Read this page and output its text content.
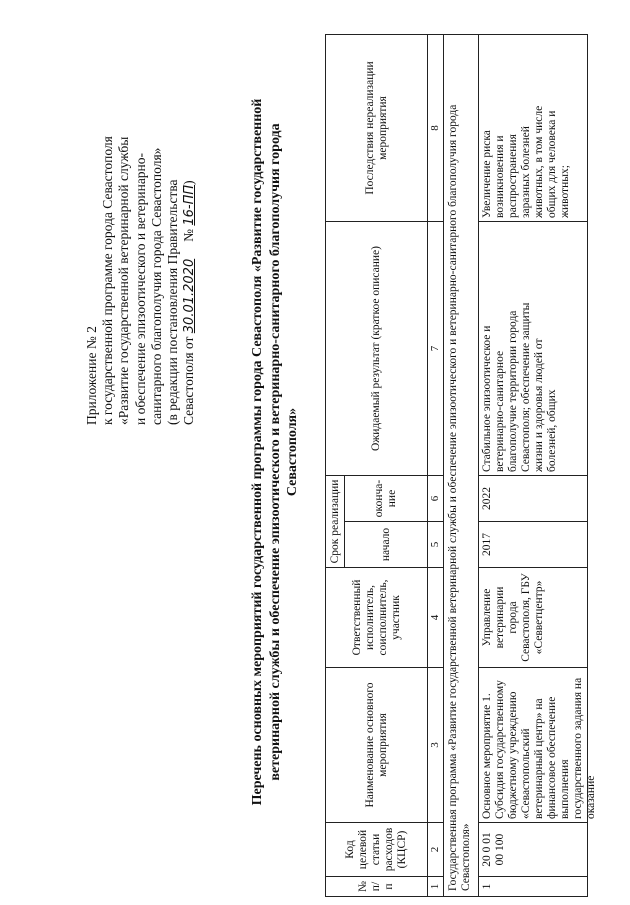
Приложение № 2 к государственной программе города Севастополя «Развитие государственной ветеринарной службы и обеспечение эпизоотического и ветеринарно- санитарного благополучия города Севастополя» (в редакции постановления Правительства Севастополя от 30.01.2020     № 16-ПП)	Перечень основных мероприятий государственной программы города Севастополя «Развитие государственной ветеринарной службы и обеспечение эпизоотического и ветеринарно-санитарного благополучия города Севастополя»
№ п/п	Код целевой статьи расходов (КЦСР)	Наименование основного мероприятия	Ответственный исполнитель, соисполнитель, участник	Срок реализации		Ожидаемый результат (краткое описание)	Последствия нереализации мероприятия
				начало	оконча-ние		
1	2	3	4	5	6	7	8
Государственная программа «Развитие государственной ветеринарной службы и обеспечение эпизоотического и ветеринарно-санитарного благополучия города Севастополя»							
1	20 0 01 00 100	Основное мероприятие 1. Субсидия государственному бюджетному учреждению «Севастопольский ветеринарный центр» на финансовое обеспечение выполнения государственного задания на оказание	Управление ветеринарии города Севастополя, ГБУ «Севветцентр»	2017	2022	Стабильное эпизоотическое и ветеринарно-санитарное благополучие территории города Севастополя; обеспечение защиты жизни и здоровья людей от болезней, общих	Увеличение риска возникновения и распространения заразных болезней животных, в том числе общих для человека и животных;
